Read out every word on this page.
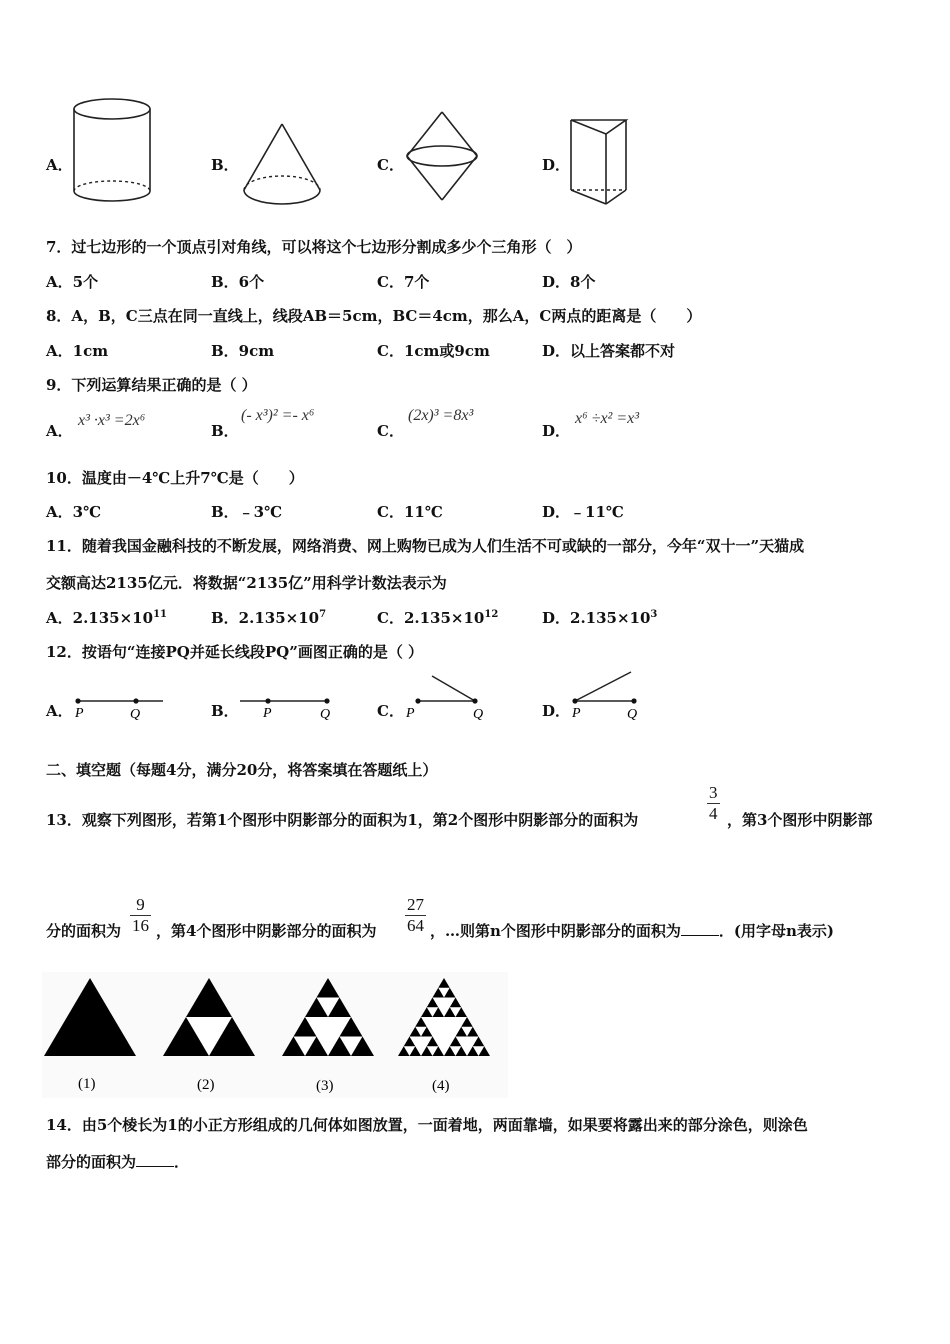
A．	B．	C．	D．
7．过七边形的一个顶点引对角线，可以将这个七边形分割成多少个三角形（　）
A．5个	B．6个	C．7个	D．8个
8．A，B，C三点在同一直线上，线段AB＝5cm，BC＝4cm，那么A，C两点的距离是（　　）
A．1cm	B．9cm	C．1cm或9cm	D．以上答案都不对
9．下列运算结果正确的是（ ）
A．
x³ ·x³ =2x⁶
B．
(- x³)² =- x⁶
C．
(2x)³ =8x³
D．
x⁶ ÷x² =x³
10．温度由－4℃上升7℃是（　　）
A．3℃	B．﹣3℃	C．11℃	D．﹣11℃
11．随着我国金融科技的不断发展，网络消费、网上购物已成为人们生活不可或缺的一部分，今年“双十一”天猫成
交额高达2135亿元．将数据“2135亿”用科学计数法表示为
A．$2.135\times 10^{11}$	B．$2.135\times 10^7$	C．$2.135\times 10^{12}$	D．$2.135\times 10^3$
12．按语句“连接PQ并延长线段PQ”画图正确的是（ ）
A． P	Q	B． P	Q	C． P	Q	D． P	Q
二、填空题（每题4分，满分20分，将答案填在答题纸上）
13．观察下列图形，若第1个图形中阴影部分的面积为1，第2个图形中阴影部分的面积为	$\frac{3}{4}$ ，第3个图形中阴影部
分的面积为 $\frac{9}{16}$ ，第4个图形中阴影部分的面积为 $\frac{27}{64}$ ，…则第n个图形中阴影部分的面积为	．(用字母n表示)
(1)	(2)	(3)	(4)
14．由5个棱长为1的小正方形组成的几何体如图放置，一面着地，两面靠墙，如果要将露出来的部分涂色，则涂色
部分的面积为	．
